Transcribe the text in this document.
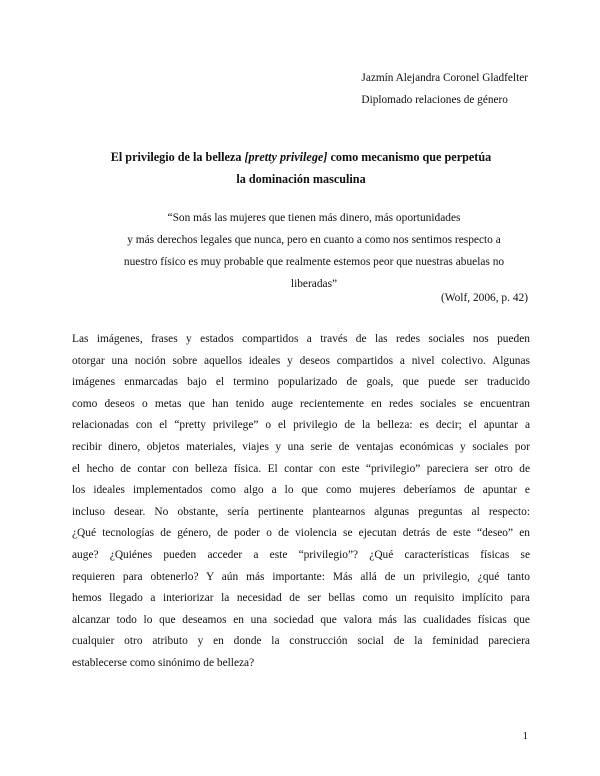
Jazmín Alejandra Coronel Gladfelter
Diplomado relaciones de género
El privilegio de la belleza [pretty privilege] como mecanismo que perpetúa
la dominación masculina
“Son más las mujeres que tienen más dinero, más oportunidades
y más derechos legales que nunca, pero en cuanto a como nos sentimos respecto a
nuestro físico es muy probable que realmente estemos peor que nuestras abuelas no
liberadas”
(Wolf, 2006, p. 42)
Las imágenes, frases y estados compartidos a través de las redes sociales nos pueden
otorgar una noción sobre aquellos ideales y deseos compartidos a nivel colectivo. Algunas
imágenes enmarcadas bajo el termino popularizado de goals, que puede ser traducido
como deseos o metas que han tenido auge recientemente en redes sociales se encuentran
relacionadas con el “pretty privilege” o el privilegio de la belleza: es decir; el apuntar a
recibir dinero, objetos materiales, viajes y una serie de ventajas económicas y sociales por
el hecho de contar con belleza física. El contar con este “privilegio” pareciera ser otro de
los ideales implementados como algo a lo que como mujeres deberíamos de apuntar e
incluso desear. No obstante, sería pertinente plantearnos algunas preguntas al respecto:
¿Qué tecnologías de género, de poder o de violencia se ejecutan detrás de este “deseo” en
auge? ¿Quiénes pueden acceder a este “privilegio”? ¿Qué características físicas se
requieren para obtenerlo? Y aún más importante: Más allá de un privilegio, ¿qué tanto
hemos llegado a interiorizar la necesidad de ser bellas como un requisito implícito para
alcanzar todo lo que deseamos en una sociedad que valora más las cualidades físicas que
cualquier otro atributo y en donde la construcción social de la feminidad pareciera
establecerse como sinónimo de belleza?
1
